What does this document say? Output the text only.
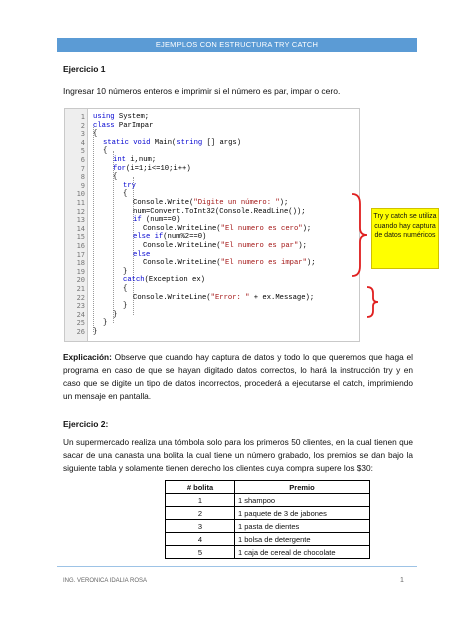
EJEMPLOS CON ESTRUCTURA TRY CATCH
Ejercicio 1
Ingresar 10 números enteros e imprimir si el número es par, impar o cero.
1 using System;
2 class ParImpar
3 {
4	static void Main(string [] args)
5	{
6	int i,num;
7	for(i=1;i<=10;i++)
8	{
9	try
10	{
11	Console.Write("Digite un número: ");
12	num=Convert.ToInt32(Console.ReadLine());
13	if (num==0)
14	Console.WriteLine("El numero es cero");
15	else if(num%2==0)
16	Console.WriteLine("El numero es par");
17	else
18	Console.WriteLine("El numero es impar");
19	}
20	catch(Exception ex)
21	{
22	Console.WriteLine("Error: " + ex.Message);
23	}
24	}
25	}
26 }
Try y catch se utiliza cuando hay captura de datos numéricos
Explicación: Observe que cuando hay captura de datos y todo lo que queremos que haga el programa en caso de que se hayan digitado datos correctos, lo hará la instrucción try y en caso que se digite un tipo de datos incorrectos, procederá a ejecutarse el catch, imprimiendo un mensaje en pantalla.
Ejercicio 2:
Un supermercado realiza una tómbola solo para los primeros 50 clientes, en la cual tienen que sacar de una canasta una bolita la cual tiene un número grabado, los premios se dan bajo la siguiente tabla y solamente tienen derecho los clientes cuya compra supere los $30:
# bolita	Premio
1	1 shampoo
2	1 paquete de 3 de jabones
3	1 pasta de dientes
4	1 bolsa de detergente
5	1 caja de cereal de chocolate
ING. VERONICA IDALIA ROSA	1
